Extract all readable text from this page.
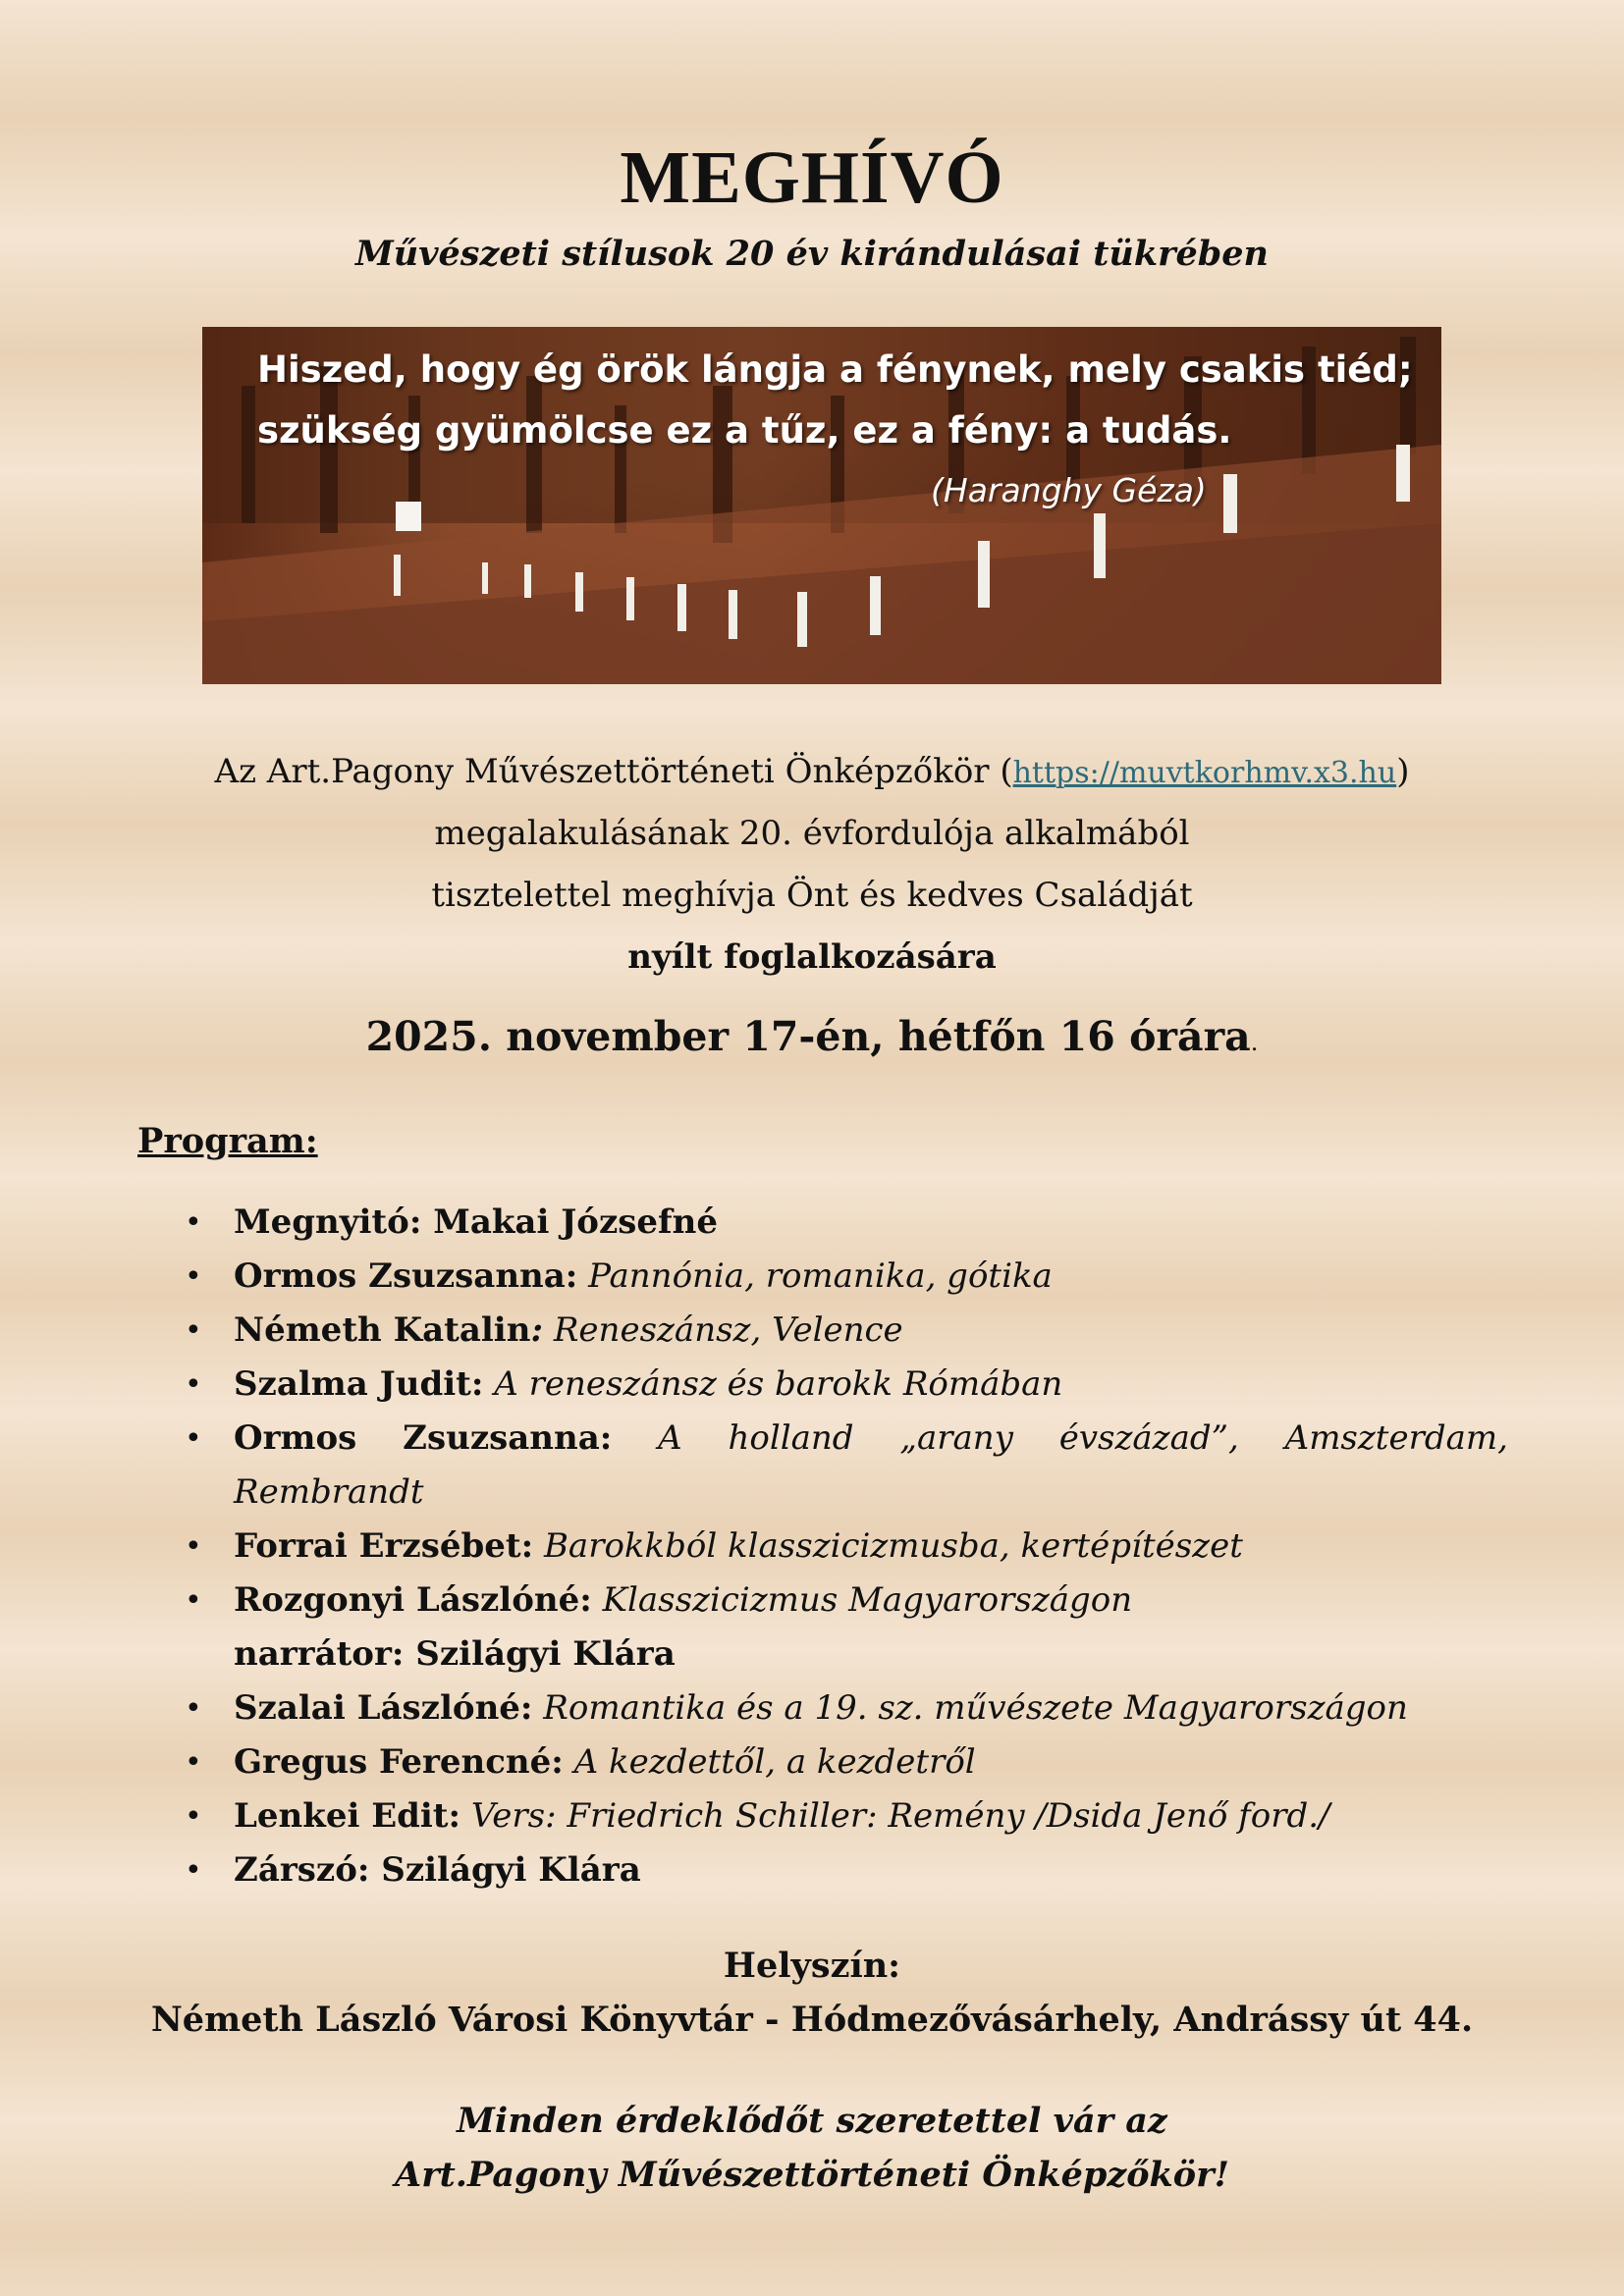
MEGHÍVÓ
Művészeti stílusok 20 év kirándulásai tükrében
Hiszed, hogy ég örök lángja a fénynek, mely csakis tiéd;
szükség gyümölcse ez a tűz, ez a fény: a tudás.
(Haranghy Géza)
Az Art.Pagony Művészettörténeti Önképzőkör (https://muvtkorhmv.x3.hu)
megalakulásának 20. évfordulója alkalmából
tisztelettel meghívja Önt és kedves Családját
nyílt foglalkozására
2025. november 17-én, hétfőn 16 órára.
Program:
• Megnyitó: Makai Józsefné
• Ormos Zsuzsanna: Pannónia, romanika, gótika
• Németh Katalin: Reneszánsz, Velence
• Szalma Judit: A reneszánsz és barokk Rómában
• Ormos Zsuzsanna: A holland „arany évszázad”, Amszterdam,
Rembrandt
• Forrai Erzsébet: Barokkból klasszicizmusba, kertépítészet
• Rozgonyi Lászlóné: Klasszicizmus Magyarországon
narrátor: Szilágyi Klára
• Szalai Lászlóné: Romantika és a 19. sz. művészete Magyarországon
• Gregus Ferencné: A kezdettől, a kezdetről
• Lenkei Edit: Vers: Friedrich Schiller: Remény /Dsida Jenő ford./
• Zárszó: Szilágyi Klára
Helyszín:
Németh László Városi Könyvtár - Hódmezővásárhely, Andrássy út 44.
Minden érdeklődőt szeretettel vár az
Art.Pagony Művészettörténeti Önképzőkör!
